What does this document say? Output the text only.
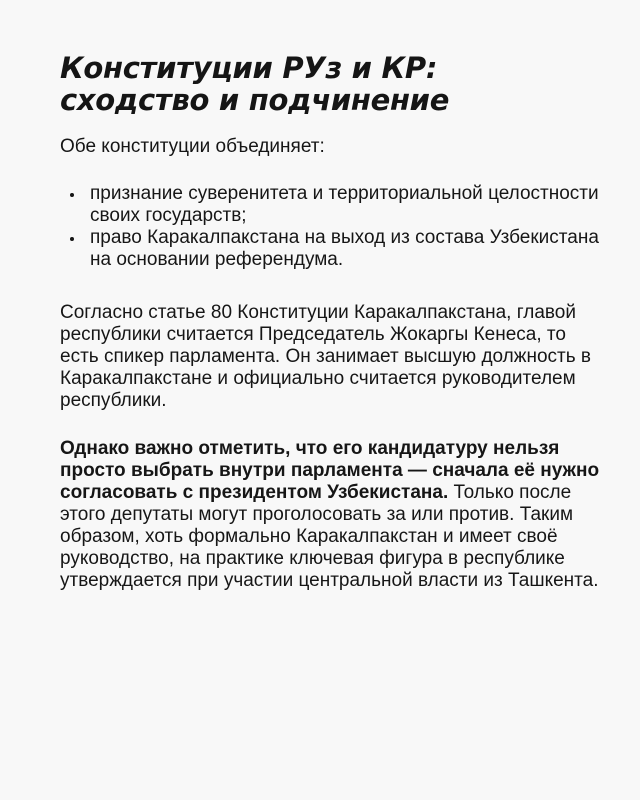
Конституции РУз и КР:
сходство и подчинение

Обе конституции объединяет:

признание суверенитета и территориальной целостности своих государств;
право Каракалпакстана на выход из состава Узбекистана на основании референдума.

Согласно статье 80 Конституции Каракалпакстана, главой республики считается Председатель Жокаргы Кенеса, то есть спикер парламента. Он занимает высшую должность в Каракалпакстане и официально считается руководителем республики.

Однако важно отметить, что его кандидатуру нельзя просто выбрать внутри парламента — сначала её нужно согласовать с президентом Узбекистана. Только после этого депутаты могут проголосовать за или против. Таким образом, хоть формально Каракалпакстан и имеет своё руководство, на практике ключевая фигура в республике утверждается при участии центральной власти из Ташкента.
